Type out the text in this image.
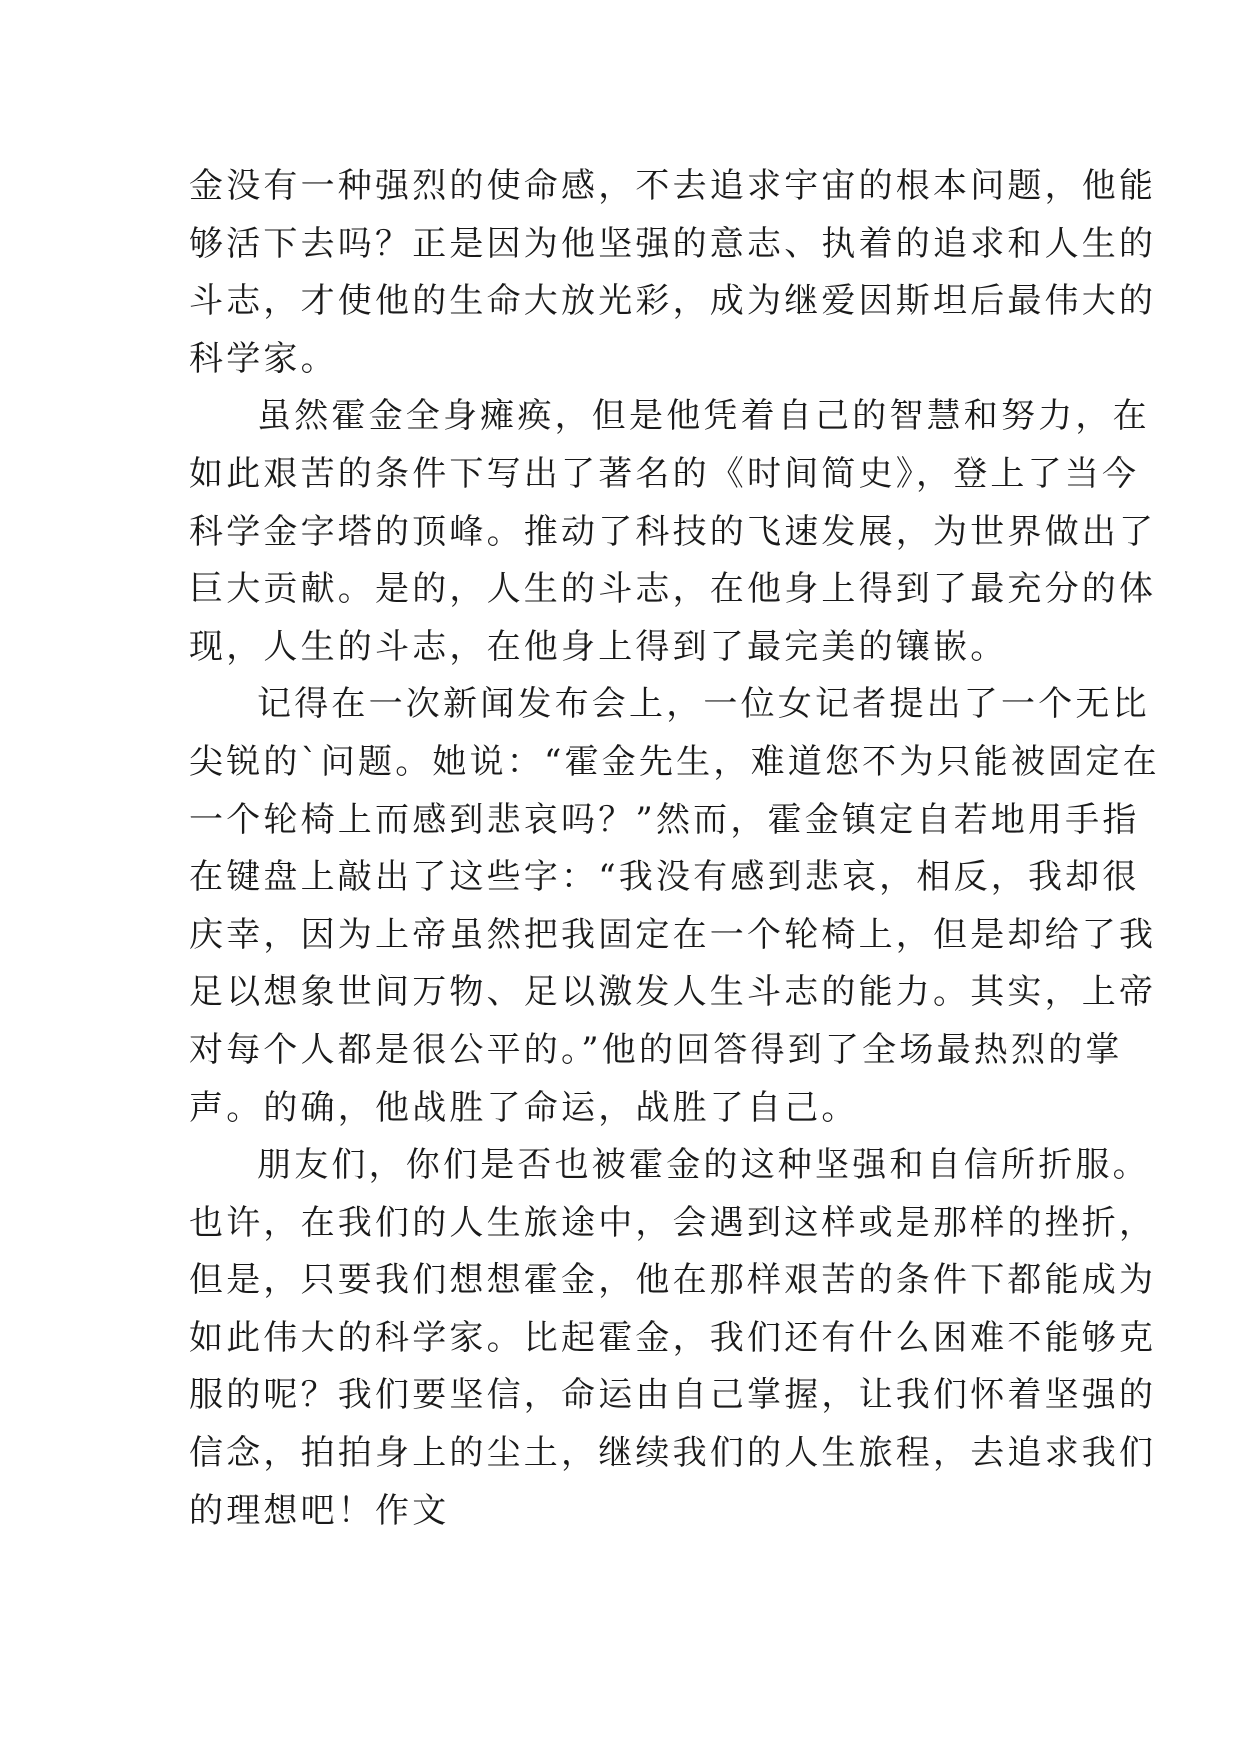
金没有一种强烈的使命感，不去追求宇宙的根本问题，他能
够活下去吗？正是因为他坚强的意志、执着的追求和人生的
斗志，才使他的生命大放光彩，成为继爱因斯坦后最伟大的
科学家。
虽然霍金全身瘫痪，但是他凭着自己的智慧和努力，在
如此艰苦的条件下写出了著名的《时间简史》，登上了当今
科学金字塔的顶峰。推动了科技的飞速发展，为世界做出了
巨大贡献。是的，人生的斗志，在他身上得到了最充分的体
现，人生的斗志，在他身上得到了最完美的镶嵌。
记得在一次新闻发布会上，一位女记者提出了一个无比
尖锐的`问题。她说：“霍金先生，难道您不为只能被固定在
一个轮椅上而感到悲哀吗？”然而，霍金镇定自若地用手指
在键盘上敲出了这些字：“我没有感到悲哀，相反，我却很
庆幸，因为上帝虽然把我固定在一个轮椅上，但是却给了我
足以想象世间万物、足以激发人生斗志的能力。其实，上帝
对每个人都是很公平的。”他的回答得到了全场最热烈的掌
声。的确，他战胜了命运，战胜了自己。
朋友们，你们是否也被霍金的这种坚强和自信所折服。
也许，在我们的人生旅途中，会遇到这样或是那样的挫折，
但是，只要我们想想霍金，他在那样艰苦的条件下都能成为
如此伟大的科学家。比起霍金，我们还有什么困难不能够克
服的呢？我们要坚信，命运由自己掌握，让我们怀着坚强的
信念，拍拍身上的尘土，继续我们的人生旅程，去追求我们
的理想吧！作文
